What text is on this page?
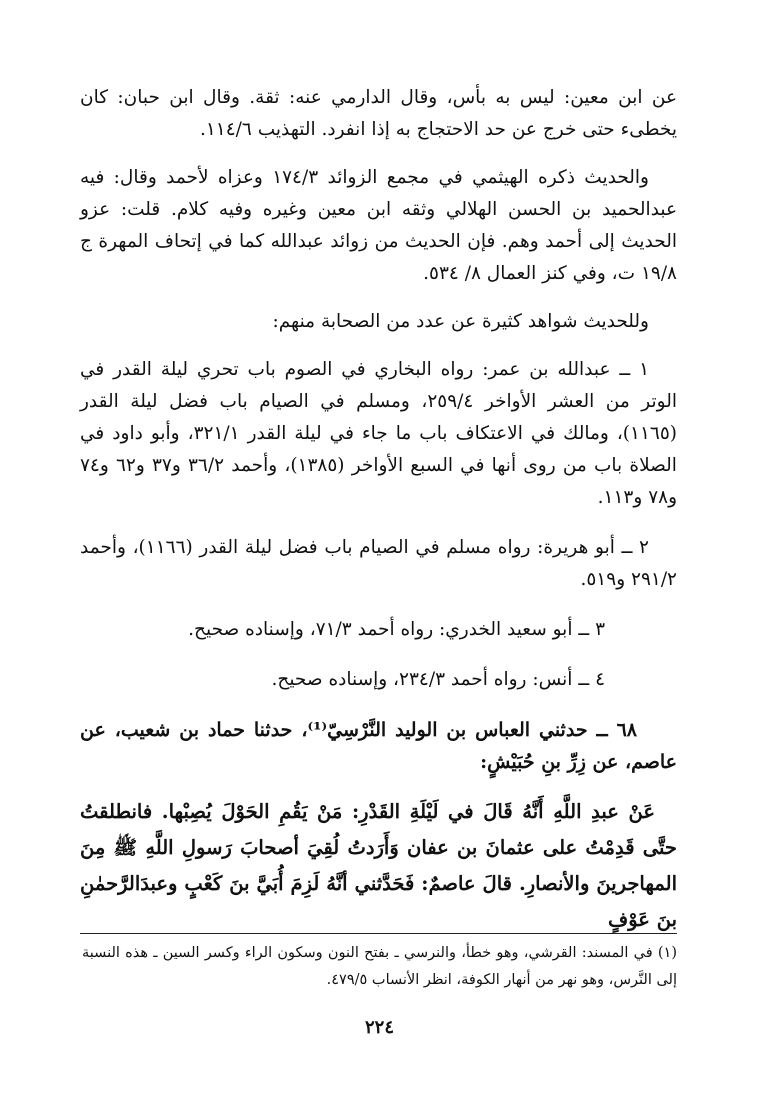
عن ابن معين: ليس به بأس، وقال الدارمي عنه: ثقة. وقال ابن حبان: كان يخطىء حتى خرج عن حد الاحتجاج به إذا انفرد. التهذيب ١١٤/٦.

والحديث ذكره الهيثمي في مجمع الزوائد ١٧٤/٣ وعزاه لأحمد وقال: فيه عبدالحميد بن الحسن الهلالي وثقه ابن معين وغيره وفيه كلام. قلت: عزو الحديث إلى أحمد وهم. فإن الحديث من زوائد عبدالله كما في إتحاف المهرة ج ١٩/٨ ت، وفي كنز العمال ٨/ ٥٣٤.

وللحديث شواهد كثيرة عن عدد من الصحابة منهم:

١ ــ عبدالله بن عمر: رواه البخاري في الصوم باب تحري ليلة القدر في الوتر من العشر الأواخر ٢٥٩/٤، ومسلم في الصيام باب فضل ليلة القدر (١١٦٥)، ومالك في الاعتكاف باب ما جاء في ليلة القدر ٣٢١/١، وأبو داود في الصلاة باب من روى أنها في السبع الأواخر (١٣٨٥)، وأحمد ٣٦/٢ و٣٧ و٦٢ و٧٤ و٧٨ و١١٣.

٢ ــ أبو هريرة: رواه مسلم في الصيام باب فضل ليلة القدر (١١٦٦)، وأحمد ٢٩١/٢ و٥١٩.

٣ ــ أبو سعيد الخدري: رواه أحمد ٧١/٣، وإسناده صحيح.

٤ ــ أنس: رواه أحمد ٢٣٤/٣، وإسناده صحيح.

٦٨ ــ حدثني العباس بن الوليد النَّرْسِيّ⁽¹⁾، حدثنا حماد بن شعيب، عن عاصم، عن زِرِّ بنِ حُبَيْشٍ:

عَنْ عبدِ اللَّهِ أَنَّهُ قَالَ في لَيْلَةِ القَدْرِ: مَنْ يَقُمِ الحَوْلَ يُصِبْها. فانطلقتُ حتَّى قَدِمْتُ على عثمانَ بن عفان وَأَرَدتُ لُقِيَ أصحابَ رَسولِ اللَّهِ ﷺ مِنَ المهاجرينَ والأنصارِ. قالَ عاصمٌ: فَحَدَّثني أنَّهُ لَزِمَ أُبَيَّ بنَ كَعْبٍ وعبدَالرَّحمٰنِ بنَ عَوْفٍ

(١) في المسند: القرشي، وهو خطأ، والنرسي ـ بفتح النون وسكون الراء وكسر السين ـ هذه النسبة إلى النَّرس، وهو نهر من أنهار الكوفة، انظر الأنساب ٤٧٩/٥.
٢٢٤
